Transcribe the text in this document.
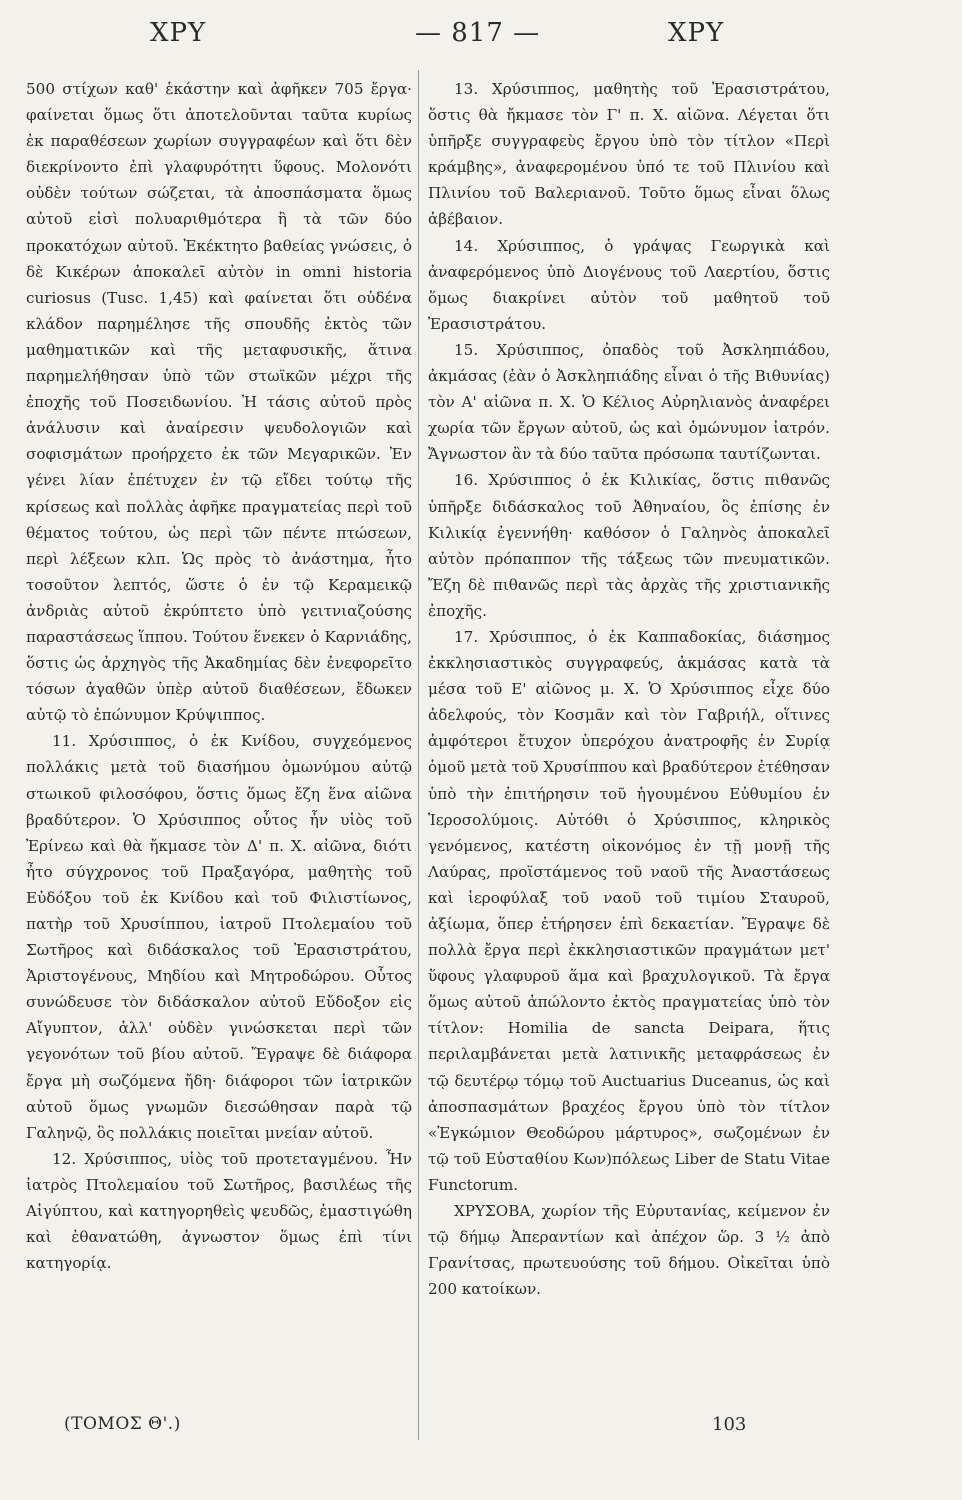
ΧΡΥ	— 817 —	ΧΡΥ

500 στίχων καθ' ἑκάστην καὶ ἀφῆκεν 705 ἔργα· φαίνεται ὅμως ὅτι ἀποτελοῦνται ταῦτα κυρίως ἐκ παραθέσεων χωρίων συγγραφέων καὶ ὅτι δὲν διεκρίνοντο ἐπὶ γλαφυρότητι ὕφους. Μολονότι οὐδὲν τούτων σώζεται, τὰ ἀποσπάσματα ὅμως αὐτοῦ εἰσὶ πολυαριθμότερα ἢ τὰ τῶν δύο προκατόχων αὐτοῦ. Ἐκέκτητο βαθείας γνώσεις, ὁ δὲ Κικέρων ἀποκαλεῖ αὐτὸν in omni historia curiosus (Tusc. 1,45) καὶ φαίνεται ὅτι οὐδένα κλάδον παρημέλησε τῆς σπουδῆς ἐκτὸς τῶν μαθηματικῶν καὶ τῆς μεταφυσικῆς, ἅτινα παρημελήθησαν ὑπὸ τῶν στωϊκῶν μέχρι τῆς ἐποχῆς τοῦ Ποσειδωνίου. Ἡ τάσις αὐτοῦ πρὸς ἀνάλυσιν καὶ ἀναίρεσιν ψευδολογιῶν καὶ σοφισμάτων προήρχετο ἐκ τῶν Μεγαρικῶν. Ἐν γένει λίαν ἐπέτυχεν ἐν τῷ εἴδει τούτῳ τῆς κρίσεως καὶ πολλὰς ἀφῆκε πραγματείας περὶ τοῦ θέματος τούτου, ὡς περὶ τῶν πέντε πτώσεων, περὶ λέξεων κλπ. Ὡς πρὸς τὸ ἀνάστημα, ἦτο τοσοῦτον λεπτός, ὥστε ὁ ἐν τῷ Κεραμεικῷ ἀνδριὰς αὐτοῦ ἐκρύπτετο ὑπὸ γειτνιαζούσης παραστάσεως ἵππου. Τούτου ἕνεκεν ὁ Καρνιάδης, ὅστις ὡς ἀρχηγὸς τῆς Ἀκαδημίας δὲν ἐνεφορεῖτο τόσων ἀγαθῶν ὑπὲρ αὐτοῦ διαθέσεων, ἔδωκεν αὐτῷ τὸ ἐπώνυμον Κρύψιππος.

11. Χρύσιππος, ὁ ἐκ Κνίδου, συγχεόμενος πολλάκις μετὰ τοῦ διασήμου ὁμωνύμου αὐτῷ στωικοῦ φιλοσόφου, ὅστις ὅμως ἔζη ἕνα αἰῶνα βραδύτερον. Ὁ Χρύσιππος οὗτος ἦν υἱὸς τοῦ Ἐρίνεω καὶ θὰ ἤκμασε τὸν Δ' π. Χ. αἰῶνα, διότι ἦτο σύγχρονος τοῦ Πραξαγόρα, μαθητὴς τοῦ Εὐδόξου τοῦ ἐκ Κνίδου καὶ τοῦ Φιλιστίωνος, πατὴρ τοῦ Χρυσίππου, ἰατροῦ Πτολεμαίου τοῦ Σωτῆρος καὶ διδάσκαλος τοῦ Ἐρασιστράτου, Ἀριστογένους, Μηδίου καὶ Μητροδώρου. Οὗτος συνώδευσε τὸν διδάσκαλον αὐτοῦ Εὔδοξον εἰς Αἴγυπτον, ἀλλ' οὐδὲν γινώσκεται περὶ τῶν γεγονότων τοῦ βίου αὐτοῦ. Ἔγραψε δὲ διάφορα ἔργα μὴ σωζόμενα ἤδη· διάφοροι τῶν ἰατρικῶν αὐτοῦ ὅμως γνωμῶν διεσώθησαν παρὰ τῷ Γαληνῷ, ὃς πολλάκις ποιεῖται μνείαν αὐτοῦ.

12. Χρύσιππος, υἱὸς τοῦ προτεταγμένου. Ἦν ἰατρὸς Πτολεμαίου τοῦ Σωτῆρος, βασιλέως τῆς Αἰγύπτου, καὶ κατηγορηθεὶς ψευδῶς, ἐμαστιγώθη καὶ ἐθανατώθη, ἀγνωστον ὅμως ἐπὶ τίνι κατηγορίᾳ.

13. Χρύσιππος, μαθητὴς τοῦ Ἐρασιστράτου, ὅστις θὰ ἤκμασε τὸν Γ' π. Χ. αἰῶνα. Λέγεται ὅτι ὑπῆρξε συγγραφεὺς ἔργου ὑπὸ τὸν τίτλον «Περὶ κράμβης», ἀναφερομένου ὑπό τε τοῦ Πλινίου καὶ Πλινίου τοῦ Βαλεριανοῦ. Τοῦτο ὅμως εἶναι ὅλως ἀβέβαιον.

14. Χρύσιππος, ὁ γράψας Γεωργικὰ καὶ ἀναφερόμενος ὑπὸ Διογένους τοῦ Λαερτίου, ὅστις ὅμως διακρίνει αὐτὸν τοῦ μαθητοῦ τοῦ Ἐρασιστράτου.

15. Χρύσιππος, ὀπαδὸς τοῦ Ἀσκληπιάδου, ἀκμάσας (ἐὰν ὁ Ἀσκληπιάδης εἶναι ὁ τῆς Βιθυνίας) τὸν Α' αἰῶνα π. Χ. Ὁ Κέλιος Αὐρηλιανὸς ἀναφέρει χωρία τῶν ἔργων αὐτοῦ, ὡς καὶ ὁμώνυμον ἰατρόν. Ἄγνωστον ἂν τὰ δύο ταῦτα πρόσωπα ταυτίζωνται.

16. Χρύσιππος ὁ ἐκ Κιλικίας, ὅστις πιθανῶς ὑπῆρξε διδάσκαλος τοῦ Ἀθηναίου, ὃς ἐπίσης ἐν Κιλικίᾳ ἐγεννήθη· καθόσον ὁ Γαληνὸς ἀποκαλεῖ αὐτὸν πρόπαππον τῆς τάξεως τῶν πνευματικῶν. Ἔζη δὲ πιθανῶς περὶ τὰς ἀρχὰς τῆς χριστιανικῆς ἐποχῆς.

17. Χρύσιππος, ὁ ἐκ Καππαδοκίας, διάσημος ἐκκλησιαστικὸς συγγραφεύς, ἀκμάσας κατὰ τὰ μέσα τοῦ Ε' αἰῶνος μ. Χ. Ὁ Χρύσιππος εἶχε δύο ἀδελφούς, τὸν Κοσμᾶν καὶ τὸν Γαβριήλ, οἵτινες ἀμφότεροι ἔτυχον ὑπερόχου ἀνατροφῆς ἐν Συρίᾳ ὁμοῦ μετὰ τοῦ Χρυσίππου καὶ βραδύτερον ἐτέθησαν ὑπὸ τὴν ἐπιτήρησιν τοῦ ἡγουμένου Εὐθυμίου ἐν Ἱεροσολύμοις. Αὐτόθι ὁ Χρύσιππος, κληρικὸς γενόμενος, κατέστη οἰκονόμος ἐν τῇ μονῇ τῆς Λαύρας, προϊστάμενος τοῦ ναοῦ τῆς Ἀναστάσεως καὶ ἱεροφύλαξ τοῦ ναοῦ τοῦ τιμίου Σταυροῦ, ἀξίωμα, ὅπερ ἐτήρησεν ἐπὶ δεκαετίαν. Ἔγραψε δὲ πολλὰ ἔργα περὶ ἐκκλησιαστικῶν πραγμάτων μετ' ὕφους γλαφυροῦ ἅμα καὶ βραχυλογικοῦ. Τὰ ἔργα ὅμως αὐτοῦ ἀπώλοντο ἐκτὸς πραγματείας ὑπὸ τὸν τίτλον: Homilia de sancta Deipara, ἥτις περιλαμβάνεται μετὰ λατινικῆς μεταφράσεως ἐν τῷ δευτέρῳ τόμῳ τοῦ Auctuarius Duceanus, ὡς καὶ ἀποσπασμάτων βραχέος ἔργου ὑπὸ τὸν τίτλον «Ἐγκώμιον Θεοδώρου μάρτυρος», σωζομένων ἐν τῷ τοῦ Εὐσταθίου Κων)πόλεως Liber de Statu Vitae Functorum.

ΧΡΥΣΟΒΑ, χωρίον τῆς Εὐρυτανίας, κείμενον ἐν τῷ δήμῳ Ἀπεραντίων καὶ ἀπέχον ὥρ. 3 ½ ἀπὸ Γρανίτσας, πρωτευούσης τοῦ δήμου. Οἰκεῖται ὑπὸ 200 κατοίκων.

(ΤΟΜΟΣ Θ'.)	103
